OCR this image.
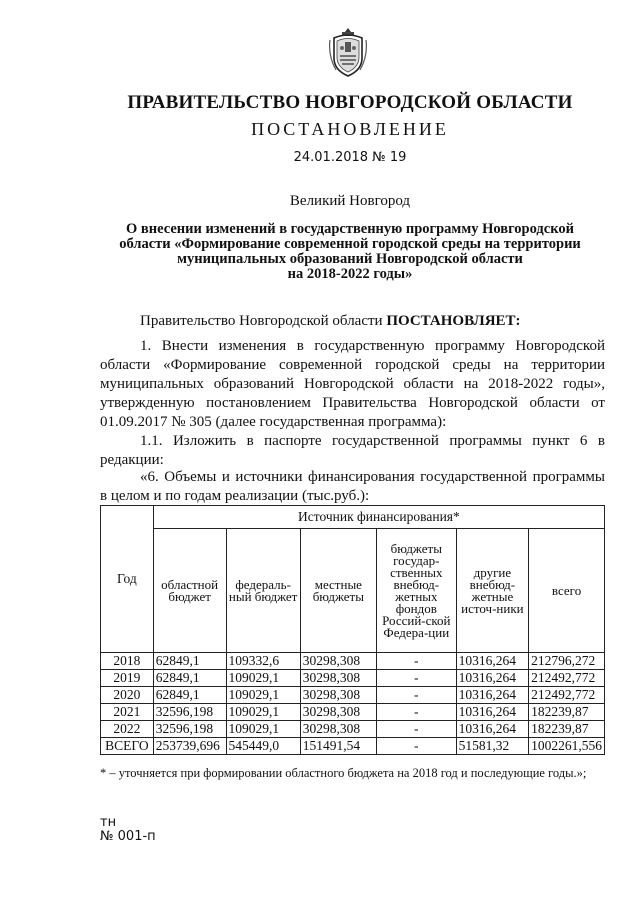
ПРАВИТЕЛЬСТВО НОВГОРОДСКОЙ ОБЛАСТИ
ПОСТАНОВЛЕНИЕ
24.01.2018 № 19
Великий Новгород
О внесении изменений в государственную программу Новгородской
области «Формирование современной городской среды на территории
муниципальных образований Новгородской области
на 2018-2022 годы»
Правительство Новгородской области ПОСТАНОВЛЯЕТ:
1. Внести изменения в государственную программу Новгородской области «Формирование современной городской среды на территории муниципальных образований Новгородской области на 2018-2022 годы», утвержденную постановлением Правительства Новгородской области от 01.09.2017 № 305 (далее государственная программа):
1.1. Изложить в паспорте государственной программы пункт 6 в редакции:
«6. Объемы и источники финансирования государственной программы в целом и по годам реализации (тыс.руб.):
Год	Источник финансирования*					
	областной бюджет	федераль-ный бюджет	местные бюджеты	бюджеты государ-ственных внебюд-жетных фондов Россий-ской Федера-ции	другие внебюд-жетные источ-ники	всего
2018	62849,1	109332,6	30298,308	-	10316,264	212796,272
2019	62849,1	109029,1	30298,308	-	10316,264	212492,772
2020	62849,1	109029,1	30298,308	-	10316,264	212492,772
2021	32596,198	109029,1	30298,308	-	10316,264	182239,87
2022	32596,198	109029,1	30298,308	-	10316,264	182239,87
ВСЕГО	253739,696	545449,0	151491,54	-	51581,32	1002261,556
* – уточняется при формировании областного бюджета на 2018 год и последующие годы.»;
тн
№ 001-п
